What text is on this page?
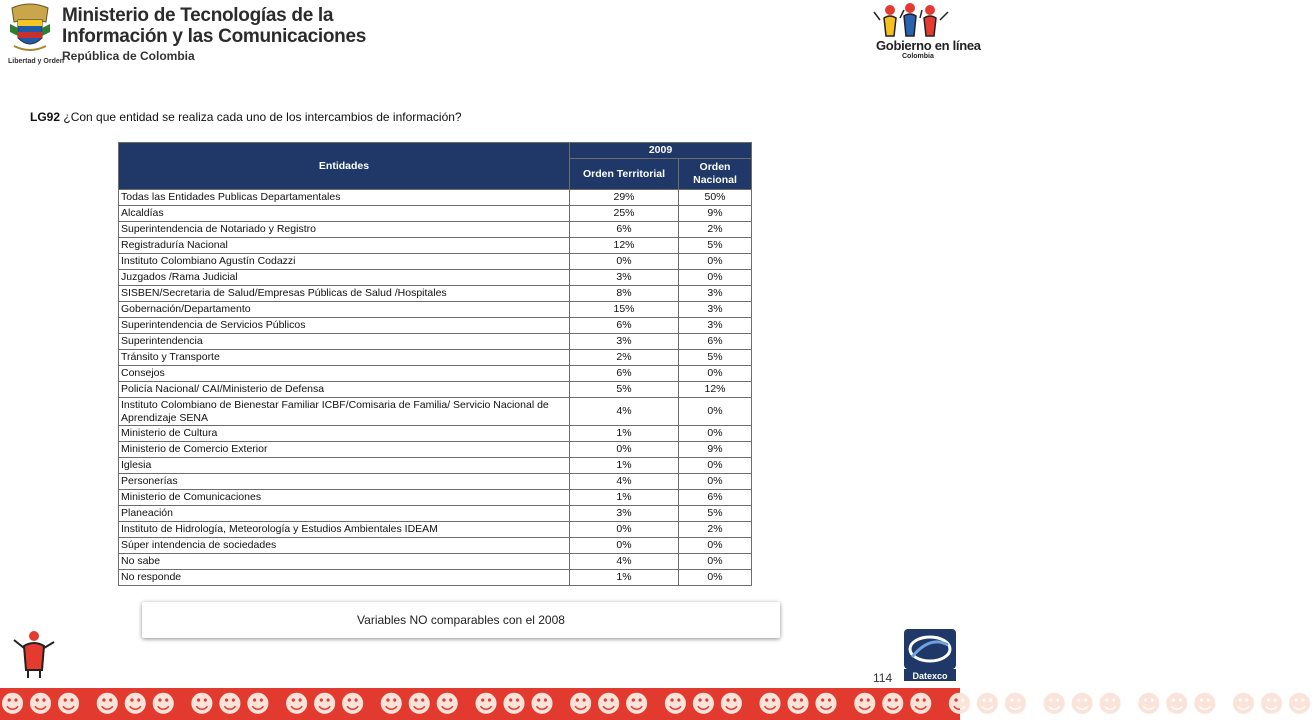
Libertad y Orden
Ministerio de Tecnologías de la
Información y las Comunicaciones
República de Colombia
Gobierno en línea
Colombia
LG92 ¿Con que entidad se realiza cada uno de los intercambios de información?
Entidades	2009	
	Orden Territorial	Orden Nacional
Todas las Entidades Publicas Departamentales	29%	50%
Alcaldías	25%	9%
Superintendencia de Notariado y Registro	6%	2%
Registraduría Nacional	12%	5%
Instituto Colombiano Agustín Codazzi	0%	0%
Juzgados /Rama Judicial	3%	0%
SISBEN/Secretaria de Salud/Empresas Públicas de Salud /Hospitales	8%	3%
Gobernación/Departamento	15%	3%
Superintendencia de Servicios Públicos	6%	3%
Superintendencia	3%	6%
Tránsito y Transporte	2%	5%
Consejos	6%	0%
Policía Nacional/ CAI/Ministerio de Defensa	5%	12%
Instituto Colombiano de Bienestar Familiar ICBF/Comisaria de Familia/ Servicio Nacional de Aprendizaje SENA	4%	0%
Ministerio de Cultura	1%	0%
Ministerio de Comercio Exterior	0%	9%
Iglesia	1%	0%
Personerías	4%	0%
Ministerio de Comunicaciones	1%	6%
Planeación	3%	5%
Instituto de Hidrología, Meteorología y Estudios Ambientales IDEAM	0%	2%
Súper intendencia de sociedades	0%	0%
No sabe	4%	0%
No responde	1%	0%
Variables NO comparables con el 2008
Datexco
114
☻☻☻ ☻☻☻ ☻☻☻ ☻☻☻ ☻☻☻ ☻☻☻ ☻☻☻ ☻☻☻ ☻☻☻ ☻☻☻ ☻☻☻ ☻☻☻ ☻☻☻ ☻☻☻
